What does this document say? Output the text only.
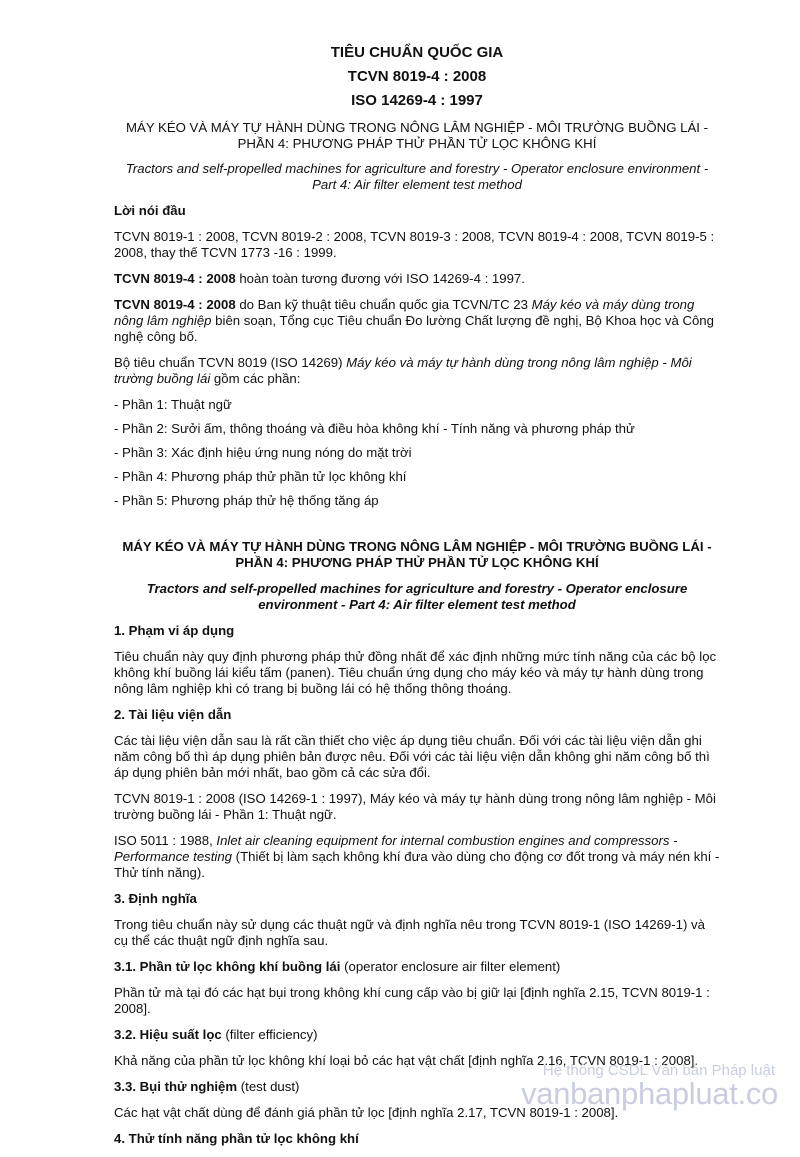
TIÊU CHUẨN QUỐC GIA
TCVN 8019-4 : 2008
ISO 14269-4 : 1997
MÁY KÉO VÀ MÁY TỰ HÀNH DÙNG TRONG NÔNG LÂM NGHIỆP - MÔI TRƯỜNG BUỒNG LÁI - PHẦN 4: PHƯƠNG PHÁP THỬ PHẦN TỬ LỌC KHÔNG KHÍ
Tractors and self-propelled machines for agriculture and forestry - Operator enclosure environment - Part 4: Air filter element test method
Lời nói đầu

TCVN 8019-1 : 2008, TCVN 8019-2 : 2008, TCVN 8019-3 : 2008, TCVN 8019-4 : 2008, TCVN 8019-5 : 2008, thay thế TCVN 1773 -16 : 1999.

TCVN 8019-4 : 2008 hoàn toàn tương đương với ISO 14269-4 : 1997.

TCVN 8019-4 : 2008 do Ban kỹ thuật tiêu chuẩn quốc gia TCVN/TC 23 Máy kéo và máy dùng trong nông lâm nghiệp biên soạn, Tổng cục Tiêu chuẩn Đo lường Chất lượng đề nghị, Bộ Khoa học và Công nghệ công bố.

Bộ tiêu chuẩn TCVN 8019 (ISO 14269) Máy kéo và máy tự hành dùng trong nông lâm nghiệp - Môi trường buồng lái gồm các phần:

- Phần 1: Thuật ngữ
- Phần 2: Sưởi ấm, thông thoáng và điều hòa không khí - Tính năng và phương pháp thử
- Phần 3: Xác định hiệu ứng nung nóng do mặt trời
- Phần 4: Phương pháp thử phần tử lọc không khí
- Phần 5: Phương pháp thử hệ thống tăng áp
MÁY KÉO VÀ MÁY TỰ HÀNH DÙNG TRONG NÔNG LÂM NGHIỆP - MÔI TRƯỜNG BUỒNG LÁI - PHẦN 4: PHƯƠNG PHÁP THỬ PHẦN TỬ LỌC KHÔNG KHÍ
Tractors and self-propelled machines for agriculture and forestry - Operator enclosure environment - Part 4: Air filter element test method
1. Phạm vi áp dụng

Tiêu chuẩn này quy định phương pháp thử đồng nhất để xác định những mức tính năng của các bộ lọc không khí buồng lái kiểu tấm (panen). Tiêu chuẩn ứng dụng cho máy kéo và máy tự hành dùng trong nông lâm nghiệp khi có trang bị buồng lái có hệ thống thông thoáng.

2. Tài liệu viện dẫn

Các tài liệu viện dẫn sau là rất cần thiết cho việc áp dụng tiêu chuẩn. Đối với các tài liệu viện dẫn ghi năm công bố thì áp dụng phiên bản được nêu. Đối với các tài liệu viện dẫn không ghi năm công bố thì áp dụng phiên bản mới nhất, bao gồm cả các sửa đổi.

TCVN 8019-1 : 2008 (ISO 14269-1 : 1997), Máy kéo và máy tự hành dùng trong nông lâm nghiệp - Môi trường buồng lái - Phần 1: Thuật ngữ.

ISO 5011 : 1988, Inlet air cleaning equipment for internal combustion engines and compressors - Performance testing (Thiết bị làm sạch không khí đưa vào dùng cho động cơ đốt trong và máy nén khí - Thử tính năng).

3. Định nghĩa

Trong tiêu chuẩn này sử dụng các thuật ngữ và định nghĩa nêu trong TCVN 8019-1 (ISO 14269-1) và cụ thể các thuật ngữ định nghĩa sau.

3.1. Phần tử lọc không khí buồng lái (operator enclosure air filter element)

Phần tử mà tại đó các hạt bụi trong không khí cung cấp vào bị giữ lại [định nghĩa 2.15, TCVN 8019-1 : 2008].

3.2. Hiệu suất lọc (filter efficiency)

Khả năng của phần tử lọc không khí loại bỏ các hạt vật chất [định nghĩa 2.16, TCVN 8019-1 : 2008].

3.3. Bụi thử nghiệm (test dust)

Các hạt vật chất dùng để đánh giá phần tử lọc [định nghĩa 2.17, TCVN 8019-1 : 2008].

4. Thử tính năng phần tử lọc không khí
Hệ thống CSDL Văn bản Pháp luật
vanbanphapluat.co
